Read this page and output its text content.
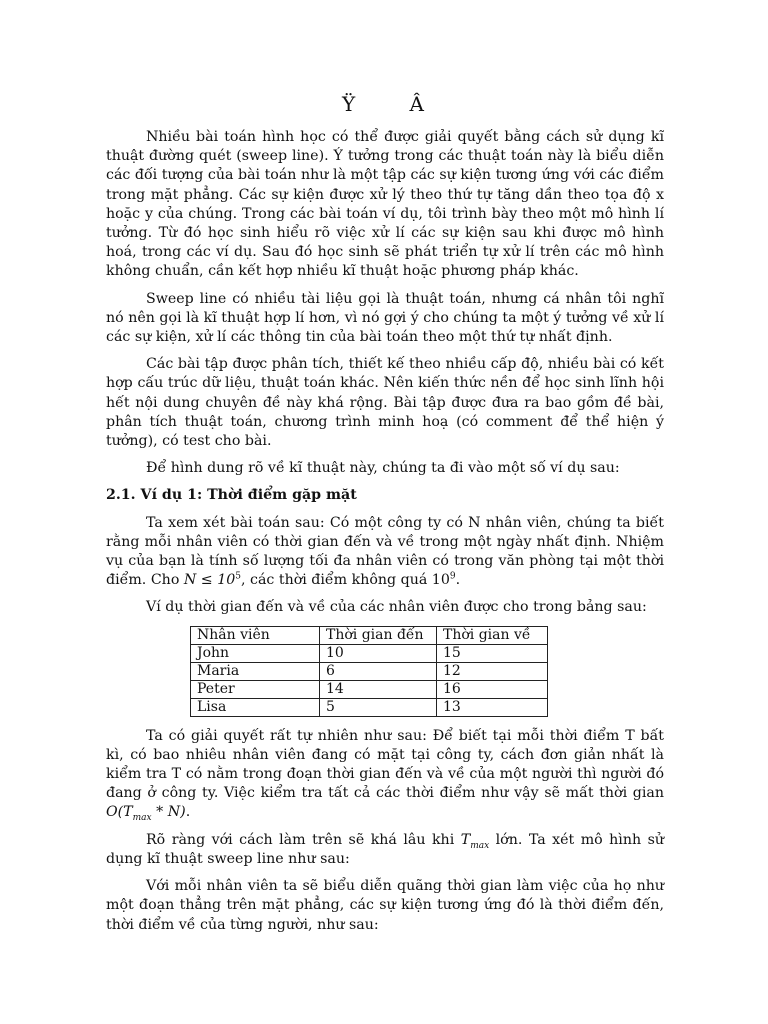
Ÿ	Â

Nhiều bài toán hình học có thể được giải quyết bằng cách sử dụng kĩ thuật đường quét (sweep line). Ý tưởng trong các thuật toán này là biểu diễn các đối tượng của bài toán như là một tập các sự kiện tương ứng với các điểm trong mặt phẳng. Các sự kiện được xử lý theo thứ tự tăng dần theo tọa độ x hoặc y của chúng. Trong các bài toán ví dụ, tôi trình bày theo một mô hình lí tưởng. Từ đó học sinh hiểu rõ việc xử lí các sự kiện sau khi được mô hình hoá, trong các ví dụ. Sau đó học sinh sẽ phát triển tự xử lí trên các mô hình không chuẩn, cần kết hợp nhiều kĩ thuật hoặc phương pháp khác.

Sweep line có nhiều tài liệu gọi là thuật toán, nhưng cá nhân tôi nghĩ nó nên gọi là kĩ thuật hợp lí hơn, vì nó gợi ý cho chúng ta một ý tưởng về xử lí các sự kiện, xử lí các thông tin của bài toán theo một thứ tự nhất định.

Các bài tập được phân tích, thiết kế theo nhiều cấp độ, nhiều bài có kết hợp cấu trúc dữ liệu, thuật toán khác. Nên kiến thức nền để học sinh lĩnh hội hết nội dung chuyên đề này khá rộng. Bài tập được đưa ra bao gồm đề bài, phân tích thuật toán, chương trình minh hoạ (có comment để thể hiện ý tưởng), có test cho bài.

Để hình dung rõ về kĩ thuật này, chúng ta đi vào một số ví dụ sau:

2.1. Ví dụ 1: Thời điểm gặp mặt

Ta xem xét bài toán sau: Có một công ty có N nhân viên, chúng ta biết rằng mỗi nhân viên có thời gian đến và về trong một ngày nhất định. Nhiệm vụ của bạn là tính số lượng tối đa nhân viên có trong văn phòng tại một thời điểm. Cho $N \le 10^5$, các thời điểm không quá $10^9$.

Ví dụ thời gian đến và về của các nhân viên được cho trong bảng sau:

Nhân viên	Thời gian đến	Thời gian về
John	10	15
Maria	6	12
Peter	14	16
Lisa	5	13

Ta có giải quyết rất tự nhiên như sau: Để biết tại mỗi thời điểm T bất kì, có bao nhiêu nhân viên đang có mặt tại công ty, cách đơn giản nhất là kiểm tra T có nằm trong đoạn thời gian đến và về của một người thì người đó đang ở công ty. Việc kiểm tra tất cả các thời điểm như vậy sẽ mất thời gian $O(T_{max} * N)$.

Rõ ràng với cách làm trên sẽ khá lâu khi $T_{max}$ lớn. Ta xét mô hình sử dụng kĩ thuật sweep line như sau:

Với mỗi nhân viên ta sẽ biểu diễn quãng thời gian làm việc của họ như một đoạn thẳng trên mặt phẳng, các sự kiện tương ứng đó là thời điểm đến, thời điểm về của từng người, như sau:
